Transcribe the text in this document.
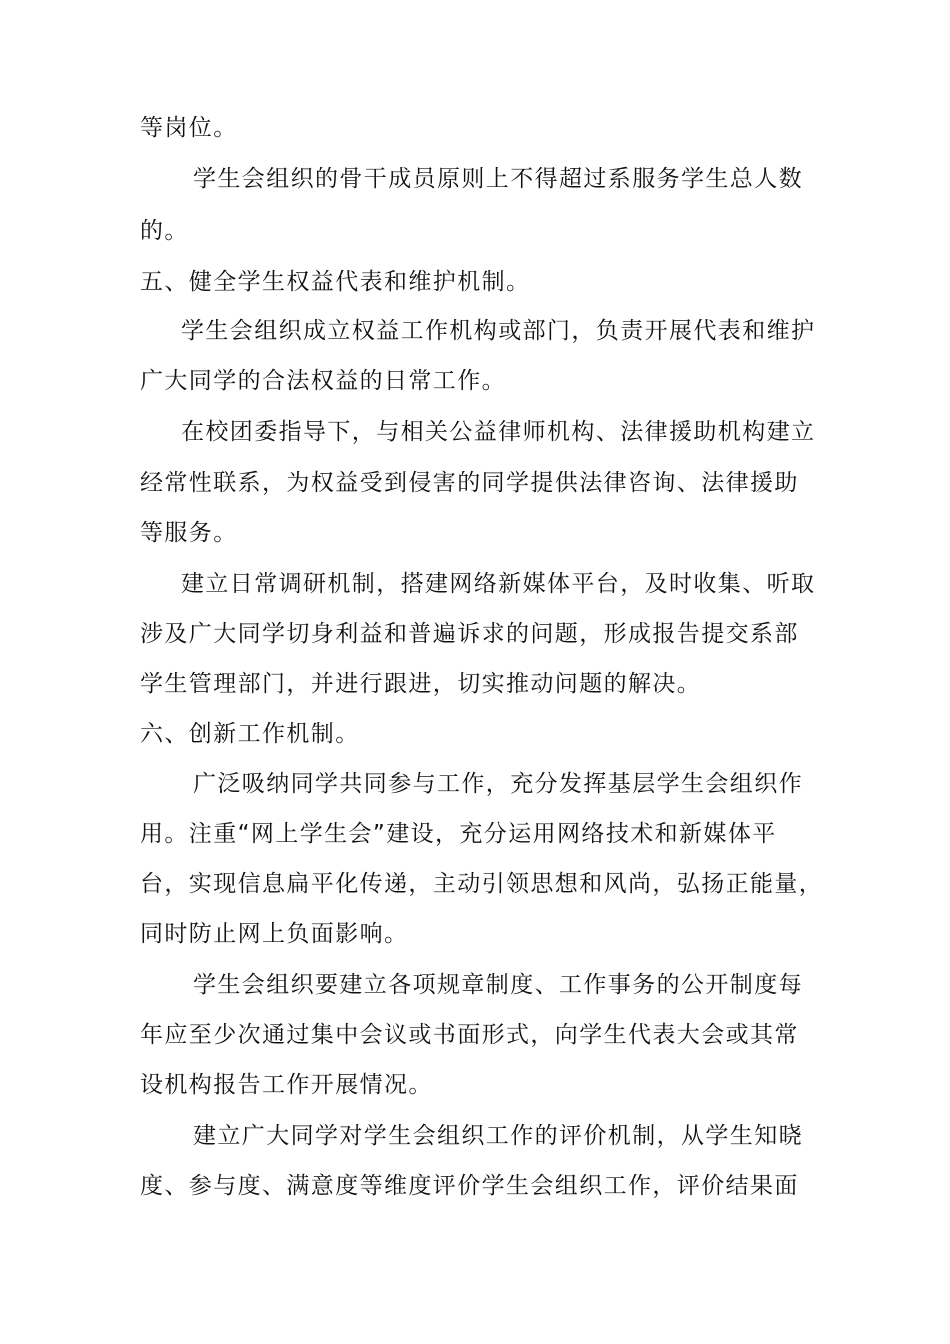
等岗位。
学生会组织的骨干成员原则上不得超过系服务学生总人数
的。
五、健全学生权益代表和维护机制。
学生会组织成立权益工作机构或部门，负责开展代表和维护
广大同学的合法权益的日常工作。
在校团委指导下，与相关公益律师机构、法律援助机构建立
经常性联系，为权益受到侵害的同学提供法律咨询、法律援助
等服务。
建立日常调研机制，搭建网络新媒体平台，及时收集、听取
涉及广大同学切身利益和普遍诉求的问题，形成报告提交系部
学生管理部门，并进行跟进，切实推动问题的解决。
六、创新工作机制。
广泛吸纳同学共同参与工作，充分发挥基层学生会组织作
用。注重“网上学生会”建设，充分运用网络技术和新媒体平
台，实现信息扁平化传递，主动引领思想和风尚，弘扬正能量，
同时防止网上负面影响。
学生会组织要建立各项规章制度、工作事务的公开制度每
年应至少次通过集中会议或书面形式，向学生代表大会或其常
设机构报告工作开展情况。
建立广大同学对学生会组织工作的评价机制，从学生知晓
度、参与度、满意度等维度评价学生会组织工作，评价结果面
